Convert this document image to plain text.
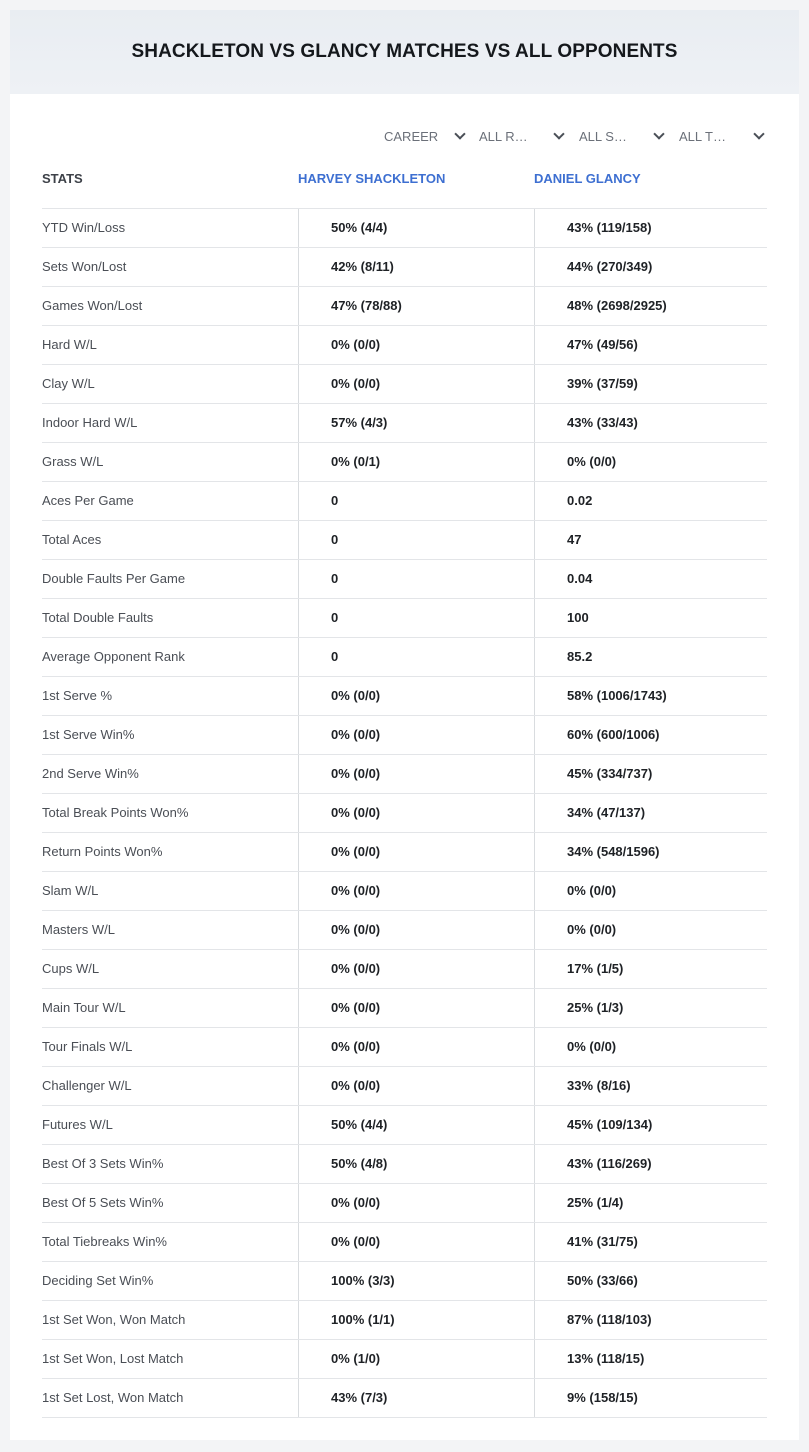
SHACKLETON VS GLANCY MATCHES VS ALL OPPONENTS
CAREER	ALL R…	ALL S…	ALL T…
STATS	HARVEY SHACKLETON	DANIEL GLANCY
YTD Win/Loss	50% (4/4)	43% (119/158)
Sets Won/Lost	42% (8/11)	44% (270/349)
Games Won/Lost	47% (78/88)	48% (2698/2925)
Hard W/L	0% (0/0)	47% (49/56)
Clay W/L	0% (0/0)	39% (37/59)
Indoor Hard W/L	57% (4/3)	43% (33/43)
Grass W/L	0% (0/1)	0% (0/0)
Aces Per Game	0	0.02
Total Aces	0	47
Double Faults Per Game	0	0.04
Total Double Faults	0	100
Average Opponent Rank	0	85.2
1st Serve %	0% (0/0)	58% (1006/1743)
1st Serve Win%	0% (0/0)	60% (600/1006)
2nd Serve Win%	0% (0/0)	45% (334/737)
Total Break Points Won%	0% (0/0)	34% (47/137)
Return Points Won%	0% (0/0)	34% (548/1596)
Slam W/L	0% (0/0)	0% (0/0)
Masters W/L	0% (0/0)	0% (0/0)
Cups W/L	0% (0/0)	17% (1/5)
Main Tour W/L	0% (0/0)	25% (1/3)
Tour Finals W/L	0% (0/0)	0% (0/0)
Challenger W/L	0% (0/0)	33% (8/16)
Futures W/L	50% (4/4)	45% (109/134)
Best Of 3 Sets Win%	50% (4/8)	43% (116/269)
Best Of 5 Sets Win%	0% (0/0)	25% (1/4)
Total Tiebreaks Win%	0% (0/0)	41% (31/75)
Deciding Set Win%	100% (3/3)	50% (33/66)
1st Set Won, Won Match	100% (1/1)	87% (118/103)
1st Set Won, Lost Match	0% (1/0)	13% (118/15)
1st Set Lost, Won Match	43% (7/3)	9% (158/15)
